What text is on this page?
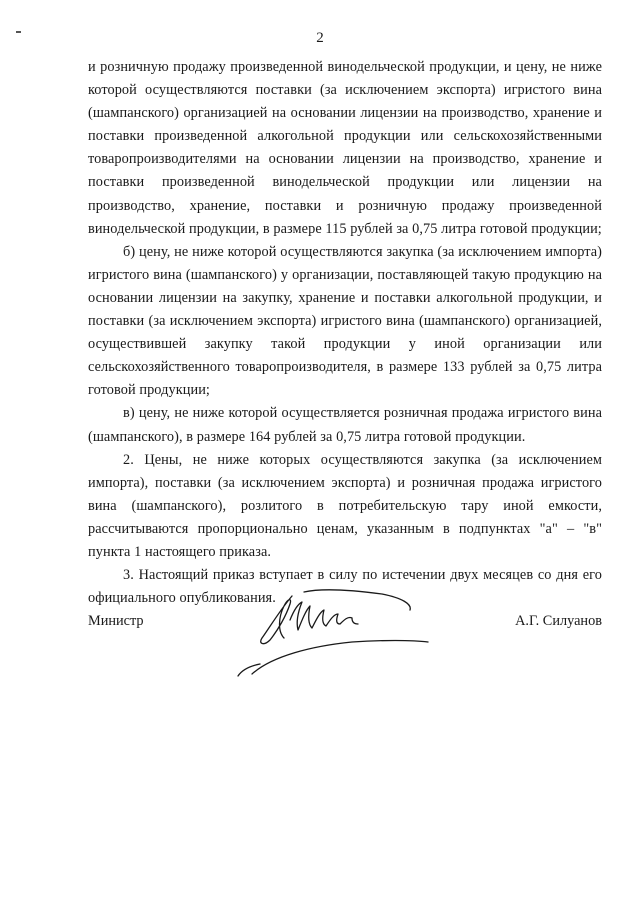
2

и розничную продажу произведенной винодельческой продукции, и цену, не ниже которой осуществляются поставки (за исключением экспорта) игристого вина (шампанского) организацией на основании лицензии на производство, хранение и поставки произведенной алкогольной продукции или сельскохозяйственными товаропроизводителями на основании лицензии на производство, хранение и поставки произведенной винодельческой продукции или лицензии на производство, хранение, поставки и розничную продажу произведенной винодельческой продукции, в размере 115 рублей за 0,75 литра готовой продукции;

б) цену, не ниже которой осуществляются закупка (за исключением импорта) игристого вина (шампанского) у организации, поставляющей такую продукцию на основании лицензии на закупку, хранение и поставки алкогольной продукции, и поставки (за исключением экспорта) игристого вина (шампанского) организацией, осуществившей закупку такой продукции у иной организации или сельскохозяйственного товаропроизводителя, в размере 133 рублей за 0,75 литра готовой продукции;

в) цену, не ниже которой осуществляется розничная продажа игристого вина (шампанского), в размере 164 рублей за 0,75 литра готовой продукции.

2. Цены, не ниже которых осуществляются закупка (за исключением импорта), поставки (за исключением экспорта) и розничная продажа игристого вина (шампанского), розлитого в потребительскую тару иной емкости, рассчитываются пропорционально ценам, указанным в подпунктах "а" – "в" пункта 1 настоящего приказа.

3. Настоящий приказ вступает в силу по истечении двух месяцев со дня его официального опубликования.

Министр	А.Г. Силуанов
